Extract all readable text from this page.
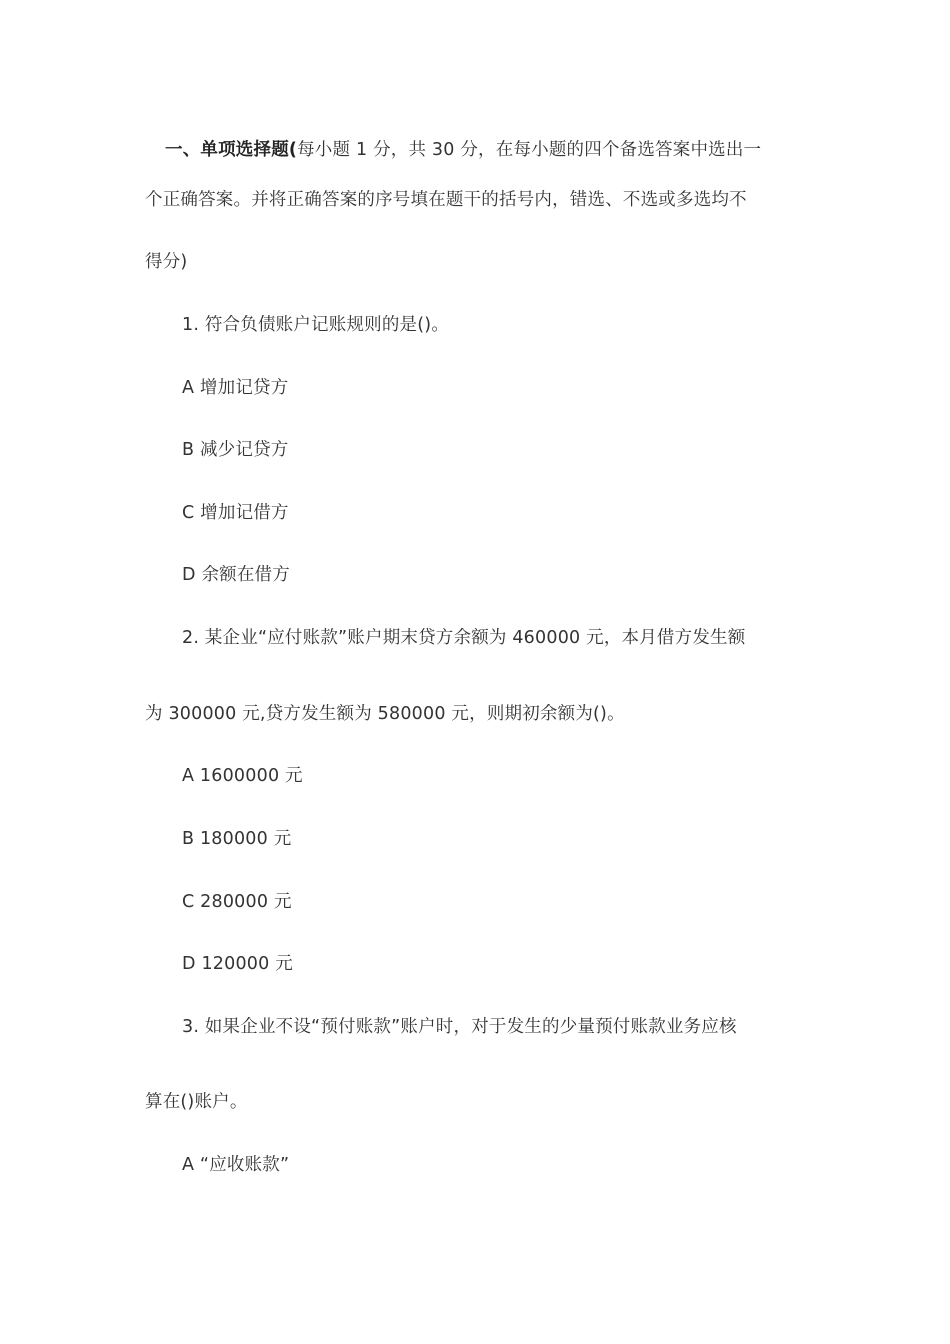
一、单项选择题(每小题 1 分，共 30 分，在每小题的四个备选答案中选出一
个正确答案。并将正确答案的序号填在题干的括号内，错选、不选或多选均不
得分)
1. 符合负债账户记账规则的是()。
A 增加记贷方
B 减少记贷方
C 增加记借方
D 余额在借方
2. 某企业“应付账款”账户期末贷方余额为 460000 元，本月借方发生额
为 300000 元,贷方发生额为 580000 元，则期初余额为()。
A 1600000 元
B 180000 元
C 280000 元
D 120000 元
3. 如果企业不设“预付账款”账户时，对于发生的少量预付账款业务应核
算在()账户。
A “应收账款”
